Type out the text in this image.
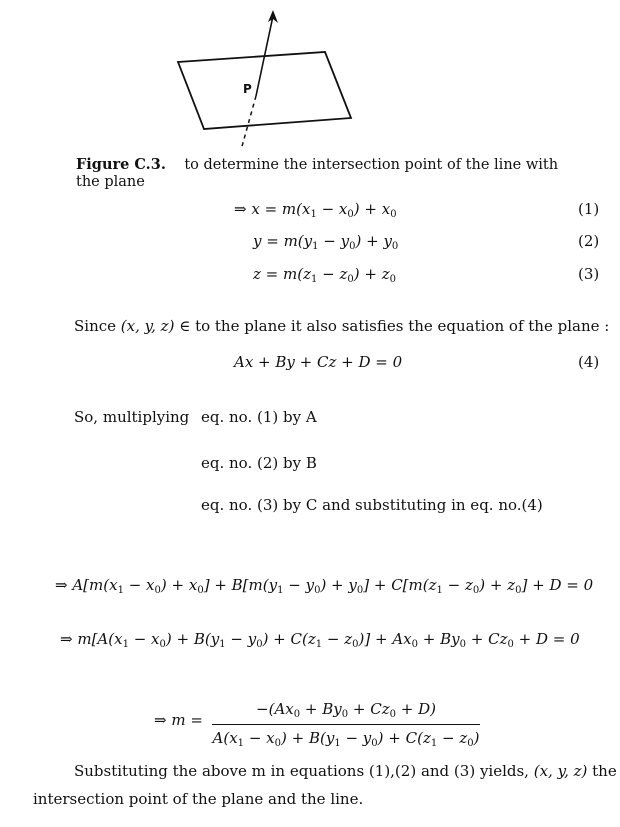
P
Figure C.3. to determine the intersection point of the line with the plane
⇒ $x = m(x_1 - x_0) + x_0$	(1)
$y = m(y_1 - y_0) + y_0$	(2)
$z = m(z_1 - z_0) + z_0$	(3)
Since (x, y, z) ∈ to the plane it also satisfies the equation of the plane :
Ax + By + Cz + D = 0	(4)
So, multiplying eq. no. (1) by A
eq. no. (2) by B
eq. no. (3) by C and substituting in eq. no.(4)
⇒ $A[m(x_1 - x_0) + x_0] + B[m(y_1 - y_0) + y_0] + C[m(z_1 - z_0) + z_0] + D = 0$
⇒ $m[A(x_1 - x_0) + B(y_1 - y_0) + C(z_1 - z_0)] + Ax_0 + By_0 + Cz_0 + D = 0$
⇒ m =
$-(Ax_0 + By_0 + Cz_0 + D)$
$A(x_1 - x_0) + B(y_1 - y_0) + C(z_1 - z_0)$
Substituting the above m in equations (1),(2) and (3) yields, (x, y, z) the
intersection point of the plane and the line.
